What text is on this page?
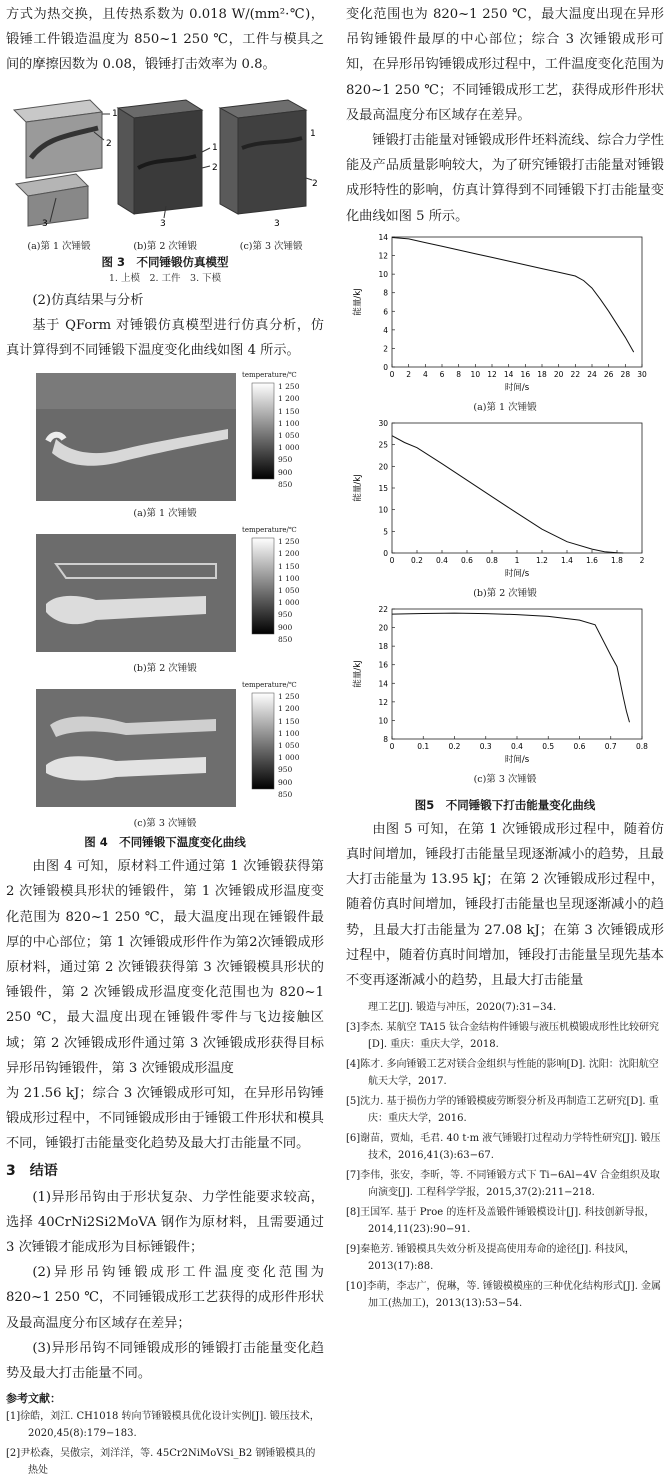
方式为热交换，且传热系数为 0.018 W/(mm²·℃)，锻锤工件锻造温度为 850~1 250 ℃，工件与模具之间的摩擦因数为 0.08，锻锤打击效率为 0.8。

1
2
3
1
2
3
1
2
3
(a)第 1 次锤锻	(b)第 2 次锤锻	(c)第 3 次锤锻
图 3　不同锤锻仿真模型
1. 上模　2. 工件　3. 下模

(2)仿真结果与分析

基于 QForm 对锤锻仿真模型进行仿真分析，仿真计算得到不同锤锻下温度变化曲线如图 4 所示。

temperature/℃
1 250
1 200
1 150
1 100
1 050
1 000
950
900
850
(a)第 1 次锤锻
temperature/℃
1 250
1 200
1 150
1 100
1 050
1 000
950
900
850
(b)第 2 次锤锻
temperature/℃
1 250
1 200
1 150
1 100
1 050
1 000
950
900
850
(c)第 3 次锤锻
图 4　不同锤锻下温度变化曲线

由图 4 可知，原材料工件通过第 1 次锤锻获得第 2 次锤锻模具形状的锤锻件，第 1 次锤锻成形温度变化范围为 820~1 250 ℃，最大温度出现在锤锻件最厚的中心部位；第 1 次锤锻成形件作为第2次锤锻成形原材料，通过第 2 次锤锻获得第 3 次锤锻模具形状的锤锻件，第 2 次锤锻成形温度变化范围也为 820~1 250 ℃，最大温度出现在锤锻件零件与飞边接触区域；第 2 次锤锻成形件通过第 3 次锤锻成形获得目标异形吊钩锤锻件，第 3 次锤锻成形温度

为 21.56 kJ；综合 3 次锤锻成形可知，在异形吊钩锤锻成形过程中，不同锤锻成形由于锤锻工件形状和模具不同，锤锻打击能量变化趋势及最大打击能量不同。

3　结语

(1)异形吊钩由于形状复杂、力学性能要求较高，选择 40CrNi2Si2MoVA 钢作为原材料，且需要通过 3 次锤锻才能成形为目标锤锻件；

(2)异形吊钩锤锻成形工件温度变化范围为 820~1 250 ℃，不同锤锻成形工艺获得的成形件形状及最高温度分布区域存在差异；

(3)异形吊钩不同锤锻成形的锤锻打击能量变化趋势及最大打击能量不同。

参考文献：

[1]徐皓，刘江. CH1018 转向节锤锻模具优化设计实例[J]. 锻压技术，2020,45(8):179−183.

[2]尹松森，吴傲宗，刘洋洋，等. 45Cr2NiMoVSi_B2 钢锤锻模具的热处

变化范围也为 820~1 250 ℃，最大温度出现在异形吊钩锤锻件最厚的中心部位；综合 3 次锤锻成形可知，在异形吊钩锤锻成形过程中，工件温度变化范围为 820~1 250 ℃；不同锤锻成形工艺，获得成形件形状及最高温度分布区域存在差异。

锤锻打击能量对锤锻成形件坯料流线、综合力学性能及产品质量影响较大，为了研究锤锻打击能量对锤锻成形特性的影响，仿真计算得到不同锤锻下打击能量变化曲线如图 5 所示。

0 2 4 6 8 10 12 14 16 18 20 22 24 26 28 30
0
2
4
6
8
10
12
14
时间/s
能量/kJ
(a)第 1 次锤锻
0 0.2 0.4 0.6 0.8 1 1.2 1.4 1.6 1.8 2
0
5
10
15
20
25
30
时间/s
能量/kJ
(b)第 2 次锤锻
0	0.1	0.2	0.3	0.4	0.5	0.6	0.7	0.8
8
10
12
14
16
18
20
22
时间/s
能量/kJ
(c)第 3 次锤锻
图5　不同锤锻下打击能量变化曲线

由图 5 可知，在第 1 次锤锻成形过程中，随着仿真时间增加，锤段打击能量呈现逐渐减小的趋势，且最大打击能量为 13.95 kJ；在第 2 次锤锻成形过程中，随着仿真时间增加，锤段打击能量也呈现逐渐减小的趋势，且最大打击能量为 27.08 kJ；在第 3 次锤锻成形过程中，随着仿真时间增加，锤段打击能量呈现先基本不变再逐渐减小的趋势，且最大打击能量

理工艺[J]. 锻造与冲压，2020(7):31−34.

[3]李杰. 某航空 TA15 钛合金结构件锤锻与液压机模锻成形性比较研究[D]. 重庆：重庆大学，2018.

[4]陈才. 多向锤锻工艺对镁合金组织与性能的影响[D]. 沈阳：沈阳航空航天大学，2017.

[5]沈力. 基于损伤力学的锤锻模疲劳断裂分析及再制造工艺研究[D]. 重庆：重庆大学，2016.

[6]谢苗，贾灿，毛君. 40 t·m 液气锤锻打过程动力学特性研究[J]. 锻压技术，2016,41(3):63−67.

[7]李伟，张安，李昕，等. 不同锤锻方式下 Ti−6Al−4V 合金组织及取向演变[J]. 工程科学学报，2015,37(2):211−218.

[8]王国军. 基于 Proe 的连杆及盖锻件锤锻模设计[J]. 科技创新导报，2014,11(23):90−91.

[9]秦艳芳. 锤锻模具失效分析及提高使用寿命的途径[J]. 科技风，2013(17):88.

[10]李萌，李志广，倪琳，等. 锤锻模模座的三种优化结构形式[J]. 金属加工(热加工)，2013(13):53−54.
